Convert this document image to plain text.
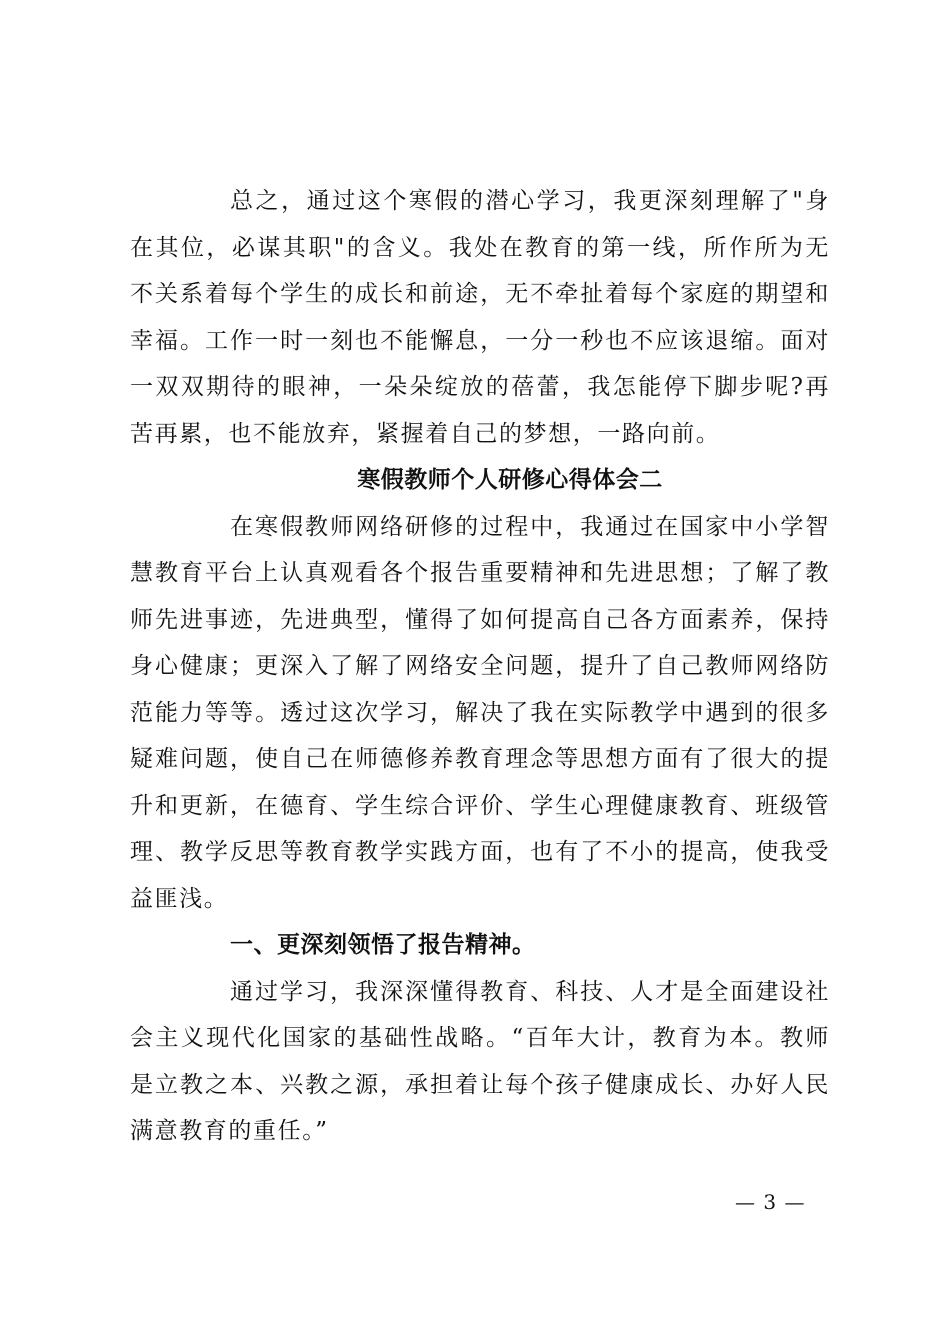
总之，通过这个寒假的潜心学习，我更深刻理解了"身在其位，必谋其职"的含义。我处在教育的第一线，所作所为无不关系着每个学生的成长和前途，无不牵扯着每个家庭的期望和幸福。工作一时一刻也不能懈息，一分一秒也不应该退缩。面对一双双期待的眼神，一朵朵绽放的蓓蕾，我怎能停下脚步呢?再苦再累，也不能放弃，紧握着自己的梦想，一路向前。

寒假教师个人研修心得体会二

在寒假教师网络研修的过程中，我通过在国家中小学智慧教育平台上认真观看各个报告重要精神和先进思想；了解了教师先进事迹，先进典型，懂得了如何提高自己各方面素养，保持身心健康；更深入了解了网络安全问题，提升了自己教师网络防范能力等等。透过这次学习，解决了我在实际教学中遇到的很多疑难问题，使自己在师德修养教育理念等思想方面有了很大的提升和更新，在德育、学生综合评价、学生心理健康教育、班级管理、教学反思等教育教学实践方面，也有了不小的提高，使我受益匪浅。

一、更深刻领悟了报告精神。

通过学习，我深深懂得教育、科技、人才是全面建设社会主义现代化国家的基础性战略。“百年大计，教育为本。教师是立教之本、兴教之源，承担着让每个孩子健康成长、办好人民满意教育的重任。”

— 3 —
